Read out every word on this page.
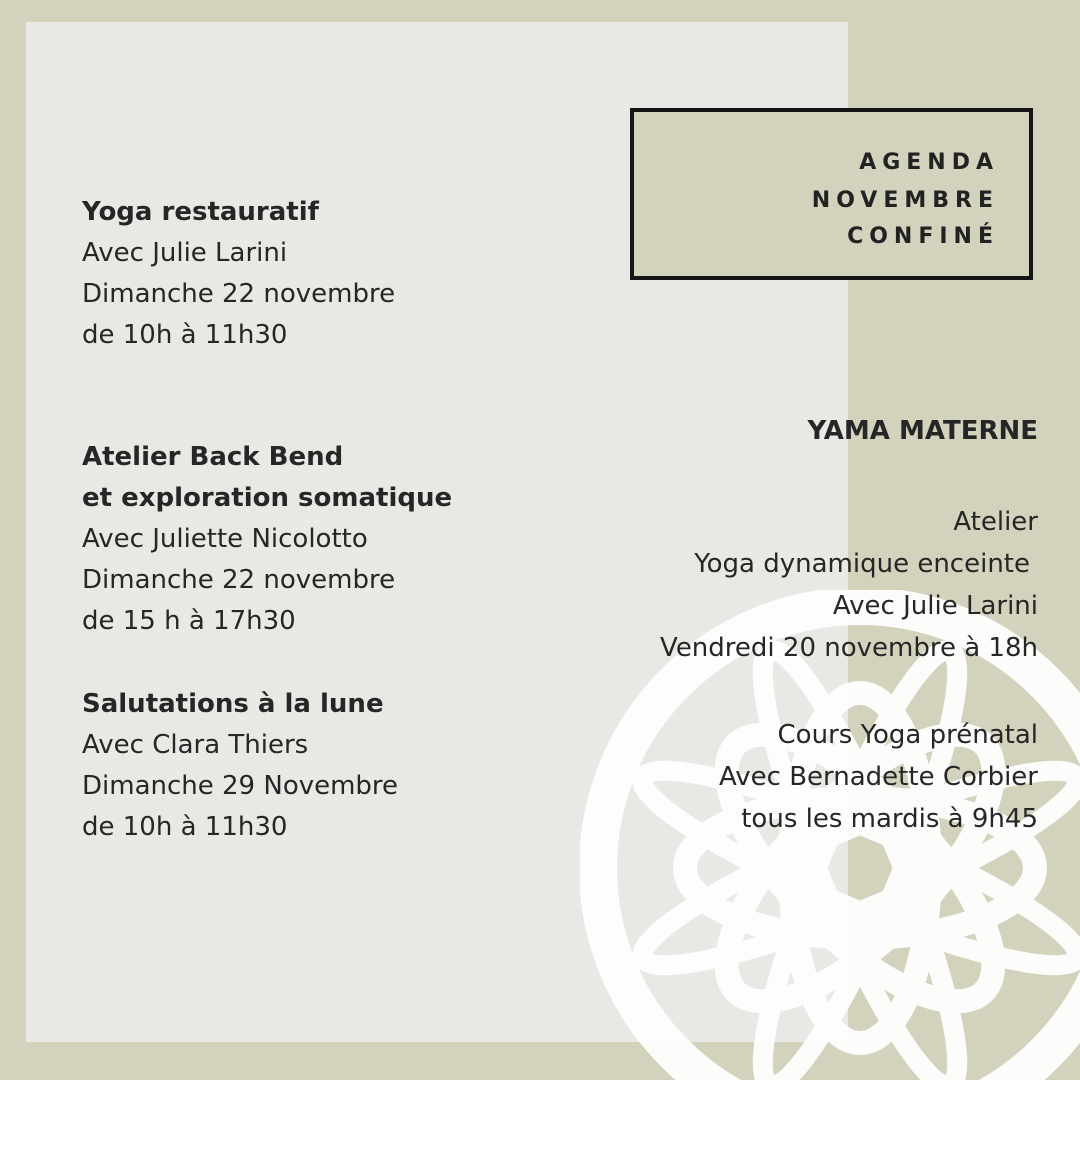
AGENDA
NOVEMBRE
CONFINÉ
Yoga restauratif
Avec Julie Larini
Dimanche 22 novembre
de 10h à 11h30
Atelier Back Bend
et exploration somatique
Avec Juliette Nicolotto
Dimanche 22 novembre
de 15 h à 17h30
Salutations à la lune
Avec Clara Thiers
Dimanche 29 Novembre
de 10h à 11h30
YAMA MATERNE
Atelier
Yoga dynamique enceinte
Avec Julie Larini
Vendredi 20 novembre à 18h
Cours Yoga prénatal
Avec Bernadette Corbier
tous les mardis à 9h45
